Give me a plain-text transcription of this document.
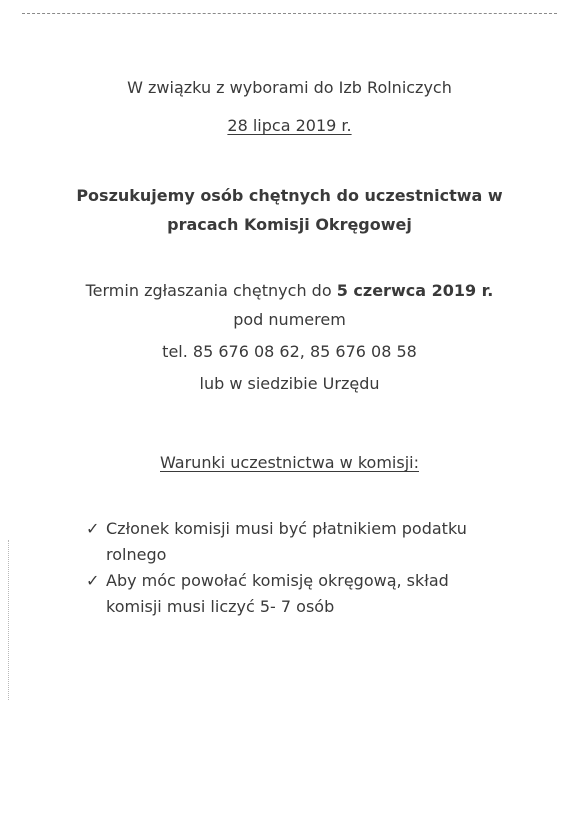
W związku z wyborami do Izb Rolniczych
28 lipca 2019 r.
Poszukujemy osób chętnych do uczestnictwa w
pracach Komisji Okręgowej
Termin zgłaszania chętnych do 5 czerwca 2019 r.
pod numerem
tel. 85 676 08 62, 85 676 08 58
lub w siedzibie Urzędu
Warunki uczestnictwa w komisji:
✓ Członek komisji musi być płatnikiem podatku
rolnego
✓ Aby móc powołać komisję okręgową, skład
komisji musi liczyć 5- 7 osób
